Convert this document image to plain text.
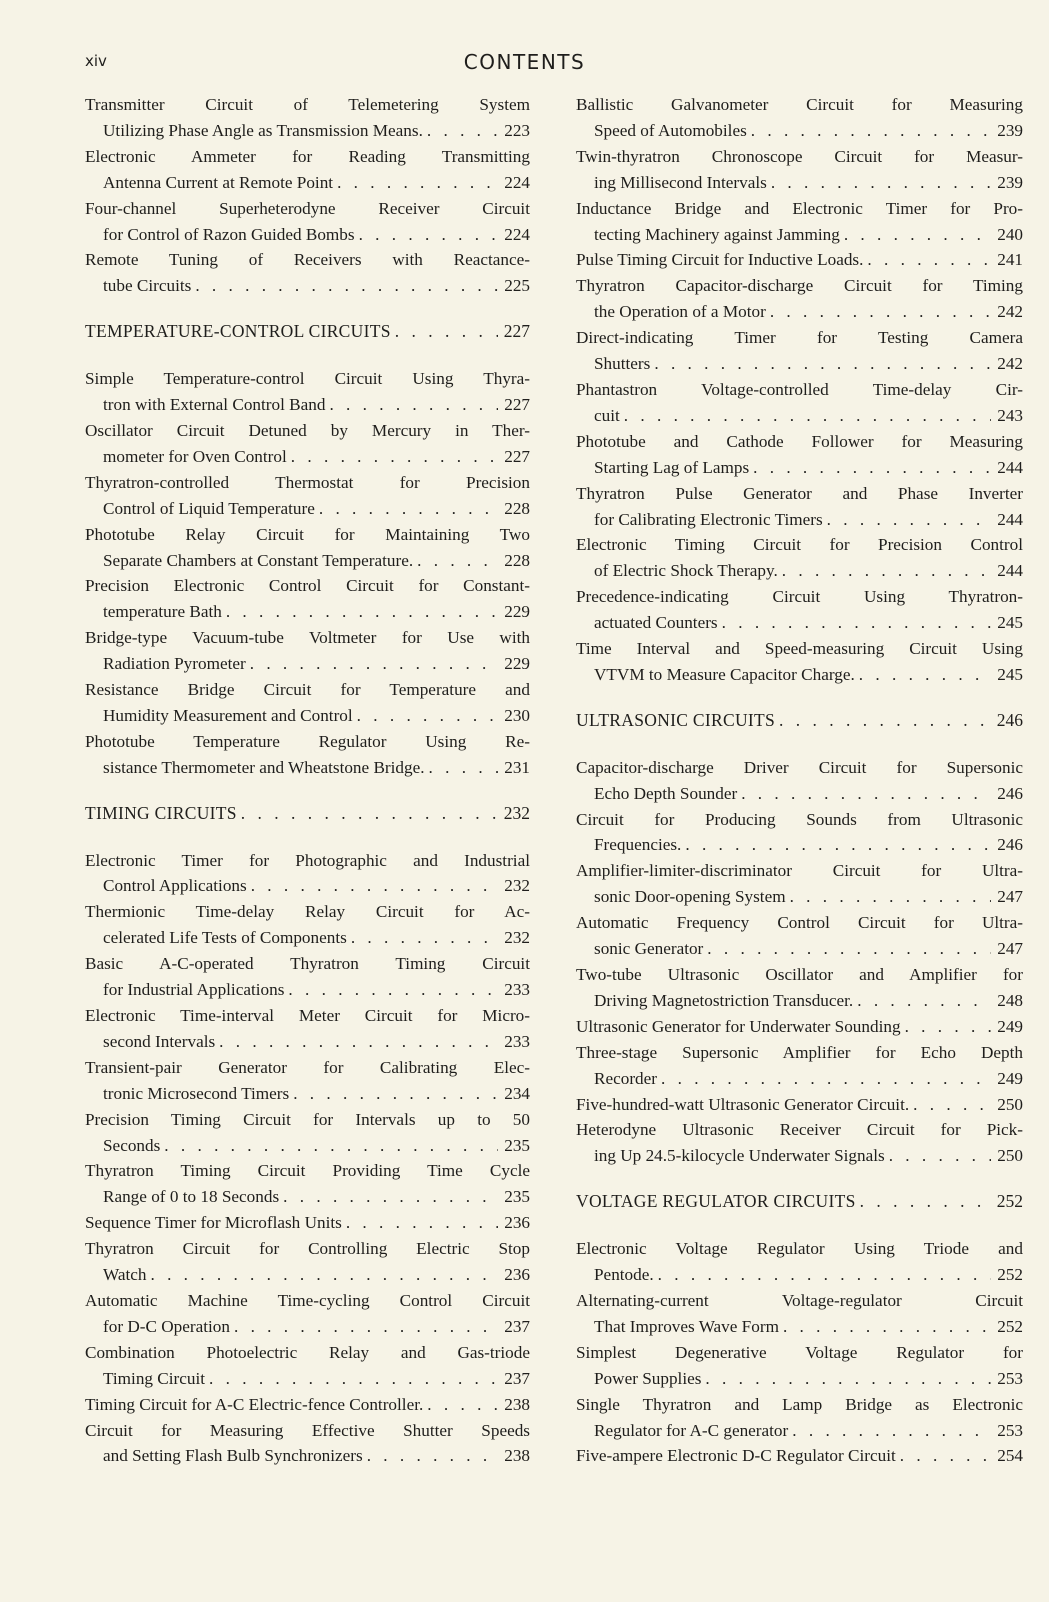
xiv	CONTENTS
Transmitter Circuit of Telemetering System
Utilizing Phase Angle as Transmission Means. . . .	223
Electronic Ammeter for Reading Transmitting
Antenna Current at Remote Point . . .	224
Four-channel Superheterodyne Receiver Circuit
for Control of Razon Guided Bombs . . .	224
Remote Tuning of Receivers with Reactance-
tube Circuits . . .	225
TEMPERATURE-CONTROL CIRCUITS . . .	227
Simple Temperature-control Circuit Using Thyra-
tron with External Control Band . . .	227
Oscillator Circuit Detuned by Mercury in Ther-
mometer for Oven Control . . .	227
Thyratron-controlled Thermostat for Precision
Control of Liquid Temperature . . .	228
Phototube Relay Circuit for Maintaining Two
Separate Chambers at Constant Temperature. . . .	228
Precision Electronic Control Circuit for Constant-
temperature Bath . . .	229
Bridge-type Vacuum-tube Voltmeter for Use with
Radiation Pyrometer . . .	229
Resistance Bridge Circuit for Temperature and
Humidity Measurement and Control . . .	230
Phototube Temperature Regulator Using Re-
sistance Thermometer and Wheatstone Bridge. . . .	231
TIMING CIRCUITS . . .	232
Electronic Timer for Photographic and Industrial
Control Applications . . .	232
Thermionic Time-delay Relay Circuit for Ac-
celerated Life Tests of Components . . .	232
Basic A-C-operated Thyratron Timing Circuit
for Industrial Applications . . .	233
Electronic Time-interval Meter Circuit for Micro-
second Intervals . . .	233
Transient-pair Generator for Calibrating Elec-
tronic Microsecond Timers . . .	234
Precision Timing Circuit for Intervals up to 50
Seconds . . .	235
Thyratron Timing Circuit Providing Time Cycle
Range of 0 to 18 Seconds . . .	235
Sequence Timer for Microflash Units . . .	236
Thyratron Circuit for Controlling Electric Stop
Watch . . .	236
Automatic Machine Time-cycling Control Circuit
for D-C Operation . . .	237
Combination Photoelectric Relay and Gas-triode
Timing Circuit . . .	237
Timing Circuit for A-C Electric-fence Controller. . . .	238
Circuit for Measuring Effective Shutter Speeds
and Setting Flash Bulb Synchronizers . . .	238
Ballistic Galvanometer Circuit for Measuring
Speed of Automobiles . . .	239
Twin-thyratron Chronoscope Circuit for Measur-
ing Millisecond Intervals . . .	239
Inductance Bridge and Electronic Timer for Pro-
tecting Machinery against Jamming . . .	240
Pulse Timing Circuit for Inductive Loads. . . .	241
Thyratron Capacitor-discharge Circuit for Timing
the Operation of a Motor . . .	242
Direct-indicating Timer for Testing Camera
Shutters . . .	242
Phantastron Voltage-controlled Time-delay Cir-
cuit . . .	243
Phototube and Cathode Follower for Measuring
Starting Lag of Lamps . . .	244
Thyratron Pulse Generator and Phase Inverter
for Calibrating Electronic Timers . . .	244
Electronic Timing Circuit for Precision Control
of Electric Shock Therapy. . . .	244
Precedence-indicating Circuit Using Thyratron-
actuated Counters . . .	245
Time Interval and Speed-measuring Circuit Using
VTVM to Measure Capacitor Charge. . . .	245
ULTRASONIC CIRCUITS . . .	246
Capacitor-discharge Driver Circuit for Supersonic
Echo Depth Sounder . . .	246
Circuit for Producing Sounds from Ultrasonic
Frequencies. . . .	246
Amplifier-limiter-discriminator Circuit for Ultra-
sonic Door-opening System . . .	247
Automatic Frequency Control Circuit for Ultra-
sonic Generator . . .	247
Two-tube Ultrasonic Oscillator and Amplifier for
Driving Magnetostriction Transducer. . . .	248
Ultrasonic Generator for Underwater Sounding . . .	249
Three-stage Supersonic Amplifier for Echo Depth
Recorder . . .	249
Five-hundred-watt Ultrasonic Generator Circuit. . . .	250
Heterodyne Ultrasonic Receiver Circuit for Pick-
ing Up 24.5-kilocycle Underwater Signals . . .	250
VOLTAGE REGULATOR CIRCUITS . . .	252
Electronic Voltage Regulator Using Triode and
Pentode. . . .	252
Alternating-current Voltage-regulator Circuit
That Improves Wave Form . . .	252
Simplest Degenerative Voltage Regulator for
Power Supplies . . .	253
Single Thyratron and Lamp Bridge as Electronic
Regulator for A-C generator . . .	253
Five-ampere Electronic D-C Regulator Circuit . . .	254
